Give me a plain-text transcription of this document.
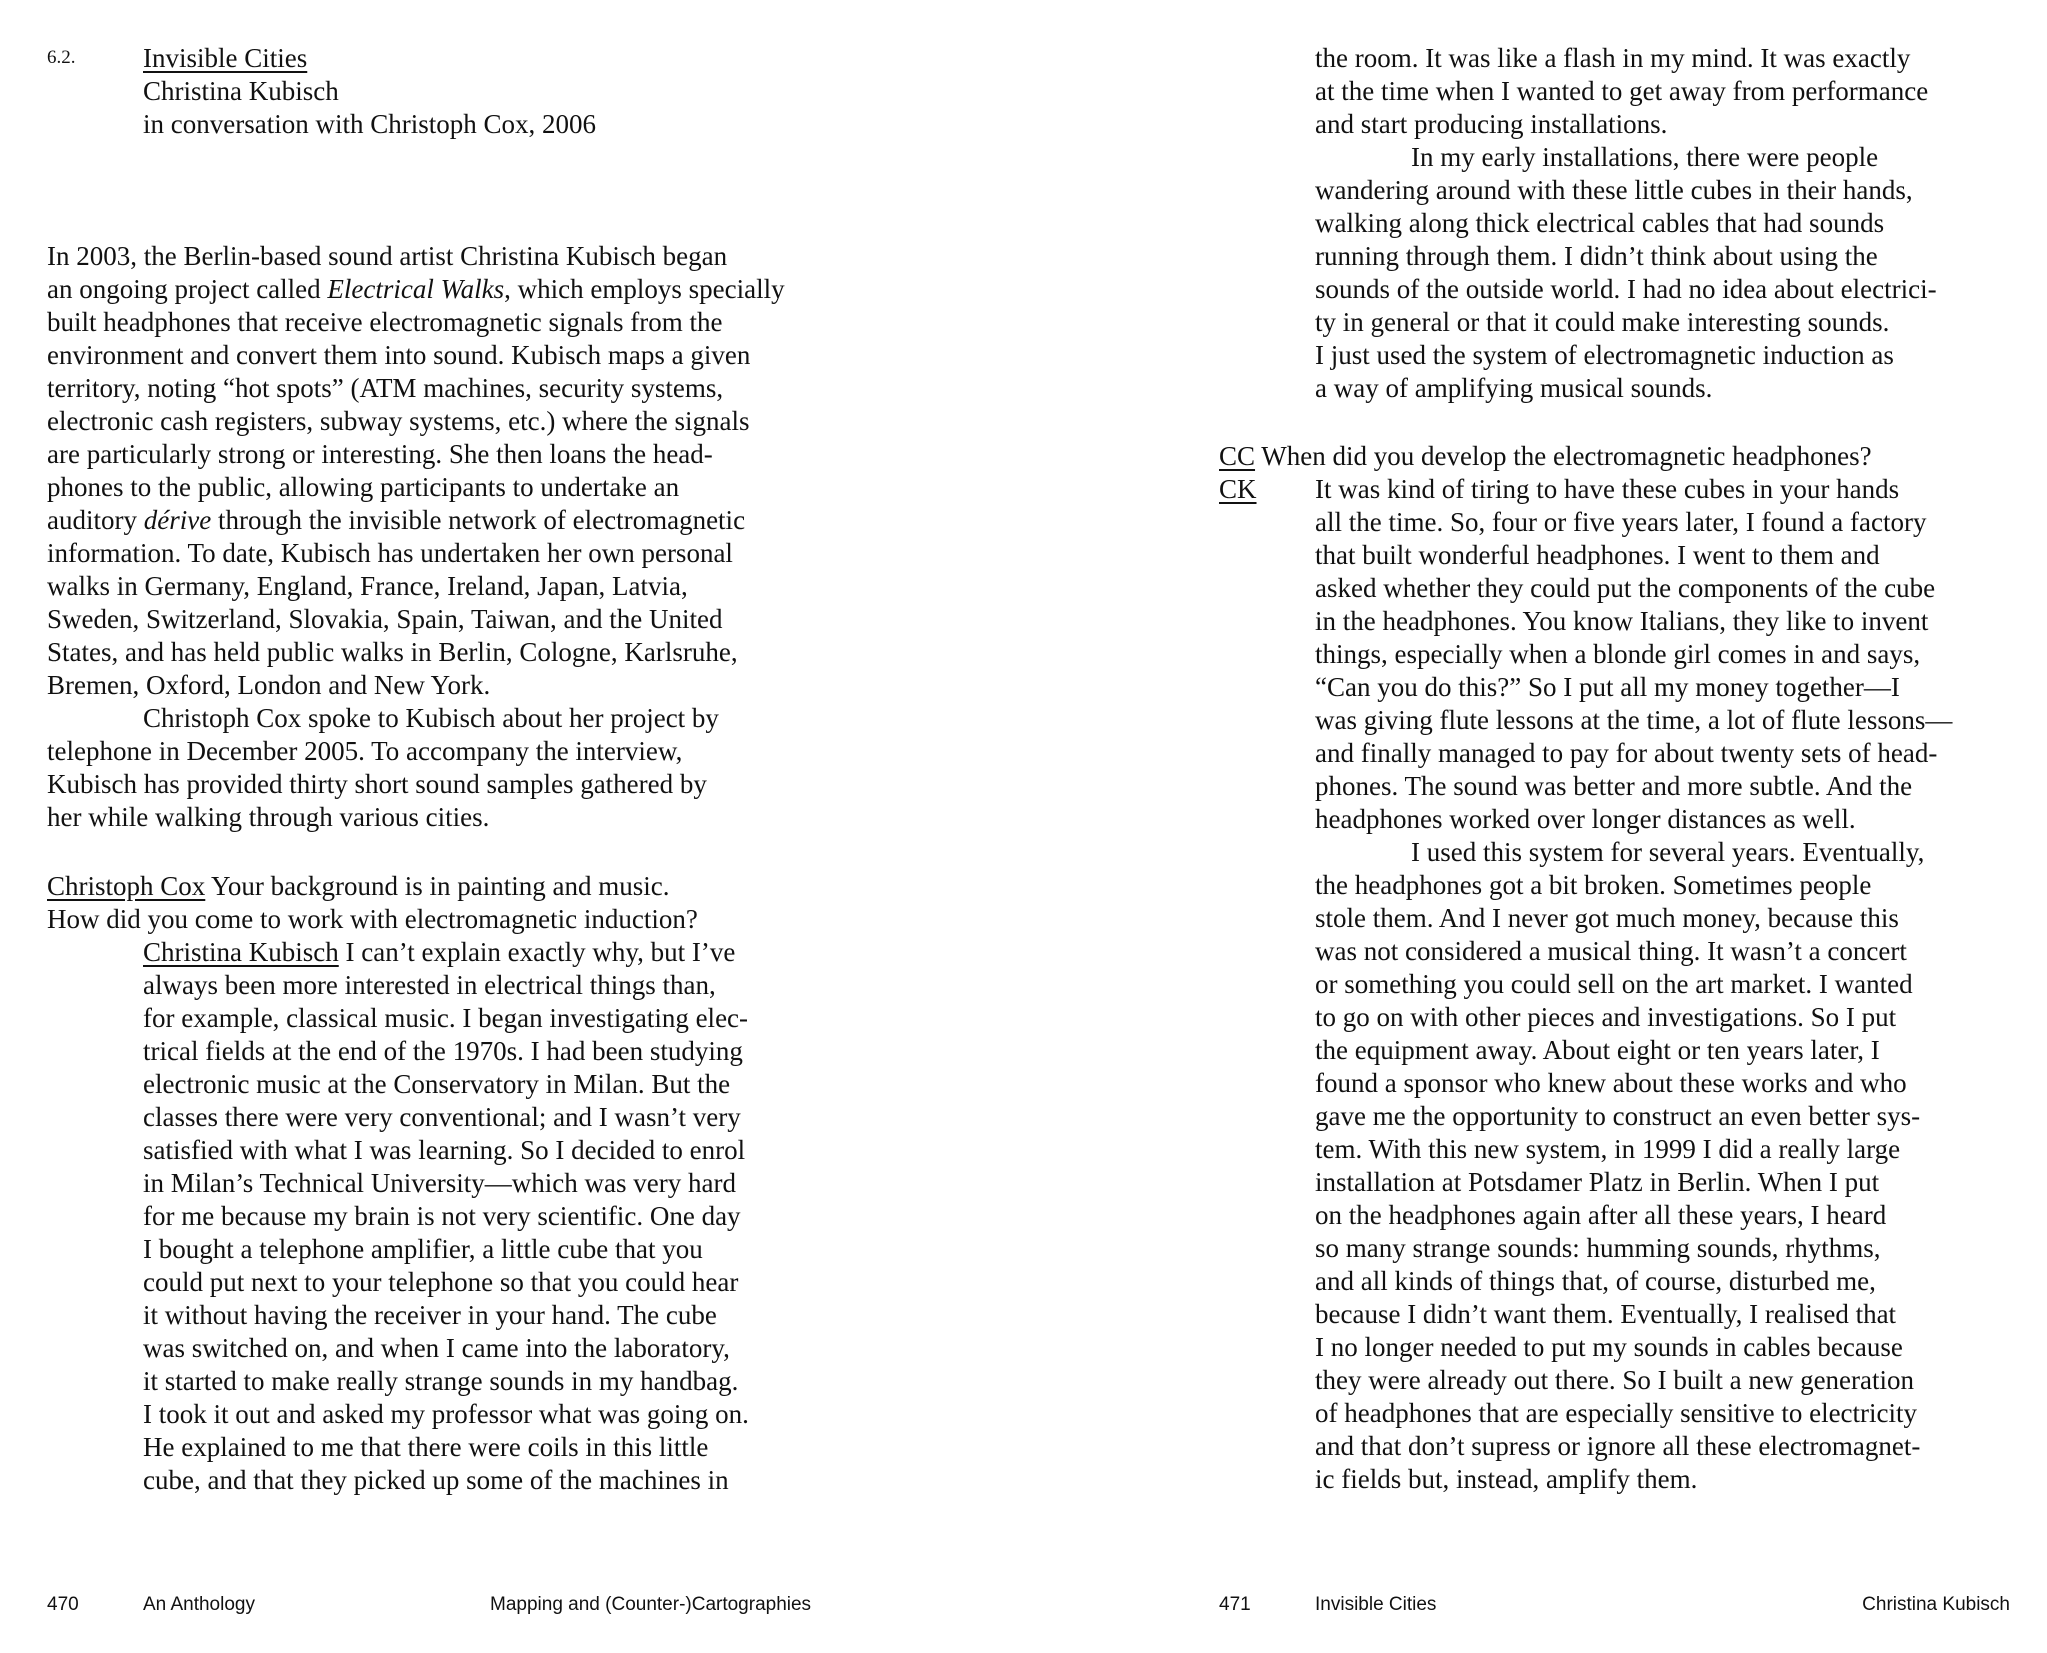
6.2.	Invisible Cities
Christina Kubisch
in conversation with Christoph Cox, 2006
In 2003, the Berlin-based sound artist Christina Kubisch began
an ongoing project called Electrical Walks, which employs specially
built headphones that receive electromagnetic signals from the
environment and convert them into sound. Kubisch maps a given
territory, noting “hot spots” (ATM machines, security systems,
electronic cash registers, subway systems, etc.) where the signals
are particularly strong or interesting. She then loans the head-
phones to the public, allowing participants to undertake an
auditory dérive through the invisible network of electromagnetic
information. To date, Kubisch has undertaken her own personal
walks in Germany, England, France, Ireland, Japan, Latvia,
Sweden, Switzerland, Slovakia, Spain, Taiwan, and the United
States, and has held public walks in Berlin, Cologne, Karlsruhe,
Bremen, Oxford, London and New York.
Christoph Cox spoke to Kubisch about her project by
telephone in December 2005. To accompany the interview,
Kubisch has provided thirty short sound samples gathered by
her while walking through various cities.
Christoph Cox Your background is in painting and music.
How did you come to work with electromagnetic induction?
Christina Kubisch I can’t explain exactly why, but I’ve
always been more interested in electrical things than,
for example, classical music. I began investigating elec-
trical fields at the end of the 1970s. I had been studying
electronic music at the Conservatory in Milan. But the
classes there were very conventional; and I wasn’t very
satisfied with what I was learning. So I decided to enrol
in Milan’s Technical University—which was very hard
for me because my brain is not very scientific. One day
I bought a telephone amplifier, a little cube that you
could put next to your telephone so that you could hear
it without having the receiver in your hand. The cube
was switched on, and when I came into the laboratory,
it started to make really strange sounds in my handbag.
I took it out and asked my professor what was going on.
He explained to me that there were coils in this little
cube, and that they picked up some of the machines in
470	An Anthology	Mapping and (Counter-)Cartographies
the room. It was like a flash in my mind. It was exactly
at the time when I wanted to get away from performance
and start producing installations.
In my early installations, there were people
wandering around with these little cubes in their hands,
walking along thick electrical cables that had sounds
running through them. I didn’t think about using the
sounds of the outside world. I had no idea about electrici-
ty in general or that it could make interesting sounds.
I just used the system of electromagnetic induction as
a way of amplifying musical sounds.
CC When did you develop the electromagnetic headphones?
CK It was kind of tiring to have these cubes in your hands
all the time. So, four or five years later, I found a factory
that built wonderful headphones. I went to them and
asked whether they could put the components of the cube
in the headphones. You know Italians, they like to invent
things, especially when a blonde girl comes in and says,
“Can you do this?” So I put all my money together—I
was giving flute lessons at the time, a lot of flute lessons—
and finally managed to pay for about twenty sets of head-
phones. The sound was better and more subtle. And the
headphones worked over longer distances as well.
I used this system for several years. Eventually,
the headphones got a bit broken. Sometimes people
stole them. And I never got much money, because this
was not considered a musical thing. It wasn’t a concert
or something you could sell on the art market. I wanted
to go on with other pieces and investigations. So I put
the equipment away. About eight or ten years later, I
found a sponsor who knew about these works and who
gave me the opportunity to construct an even better sys-
tem. With this new system, in 1999 I did a really large
installation at Potsdamer Platz in Berlin. When I put
on the headphones again after all these years, I heard
so many strange sounds: humming sounds, rhythms,
and all kinds of things that, of course, disturbed me,
because I didn’t want them. Eventually, I realised that
I no longer needed to put my sounds in cables because
they were already out there. So I built a new generation
of headphones that are especially sensitive to electricity
and that don’t supress or ignore all these electromagnet-
ic fields but, instead, amplify them.
471	Invisible Cities	Christina Kubisch
